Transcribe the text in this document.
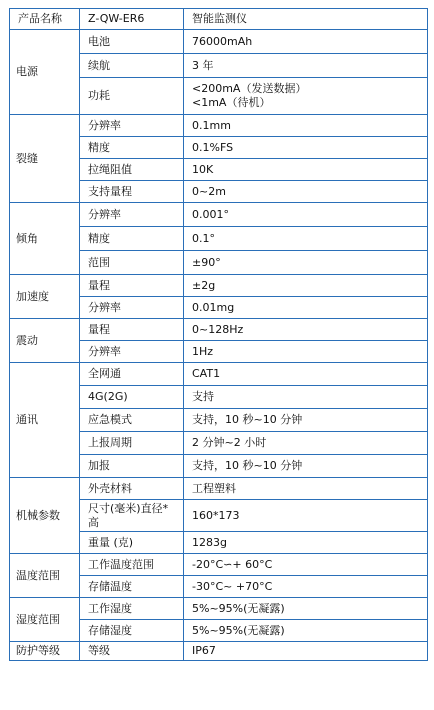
产品名称	Z-QW-ER6	智能监测仪
电源	电池	76000mAh
	续航	3 年
	功耗	<200mA（发送数据）
<1mA（待机）
裂缝	分辨率	0.1mm
	精度	0.1%FS
	拉绳阻值	10K
	支持量程	0~2m
倾角	分辨率	0.001°
	精度	0.1°
	范围	±90°
加速度	量程	±2g
	分辨率	0.01mg
震动	量程	0~128Hz
	分辨率	1Hz
通讯	全网通	CAT1
	4G(2G)	支持
	应急模式	支持，10 秒~10 分钟
	上报周期	2 分钟~2 小时
	加报	支持，10 秒~10 分钟
机械参数	外壳材料	工程塑料
	尺寸(毫米)直径*高	160*173
	重量 (克)	1283g
温度范围	工作温度范围	-20°C∽+ 60°C
	存储温度	-30°C~ +70°C
湿度范围	工作湿度	5%~95%(无凝露)
	存储湿度	5%~95%(无凝露)
防护等级	等级	IP67
